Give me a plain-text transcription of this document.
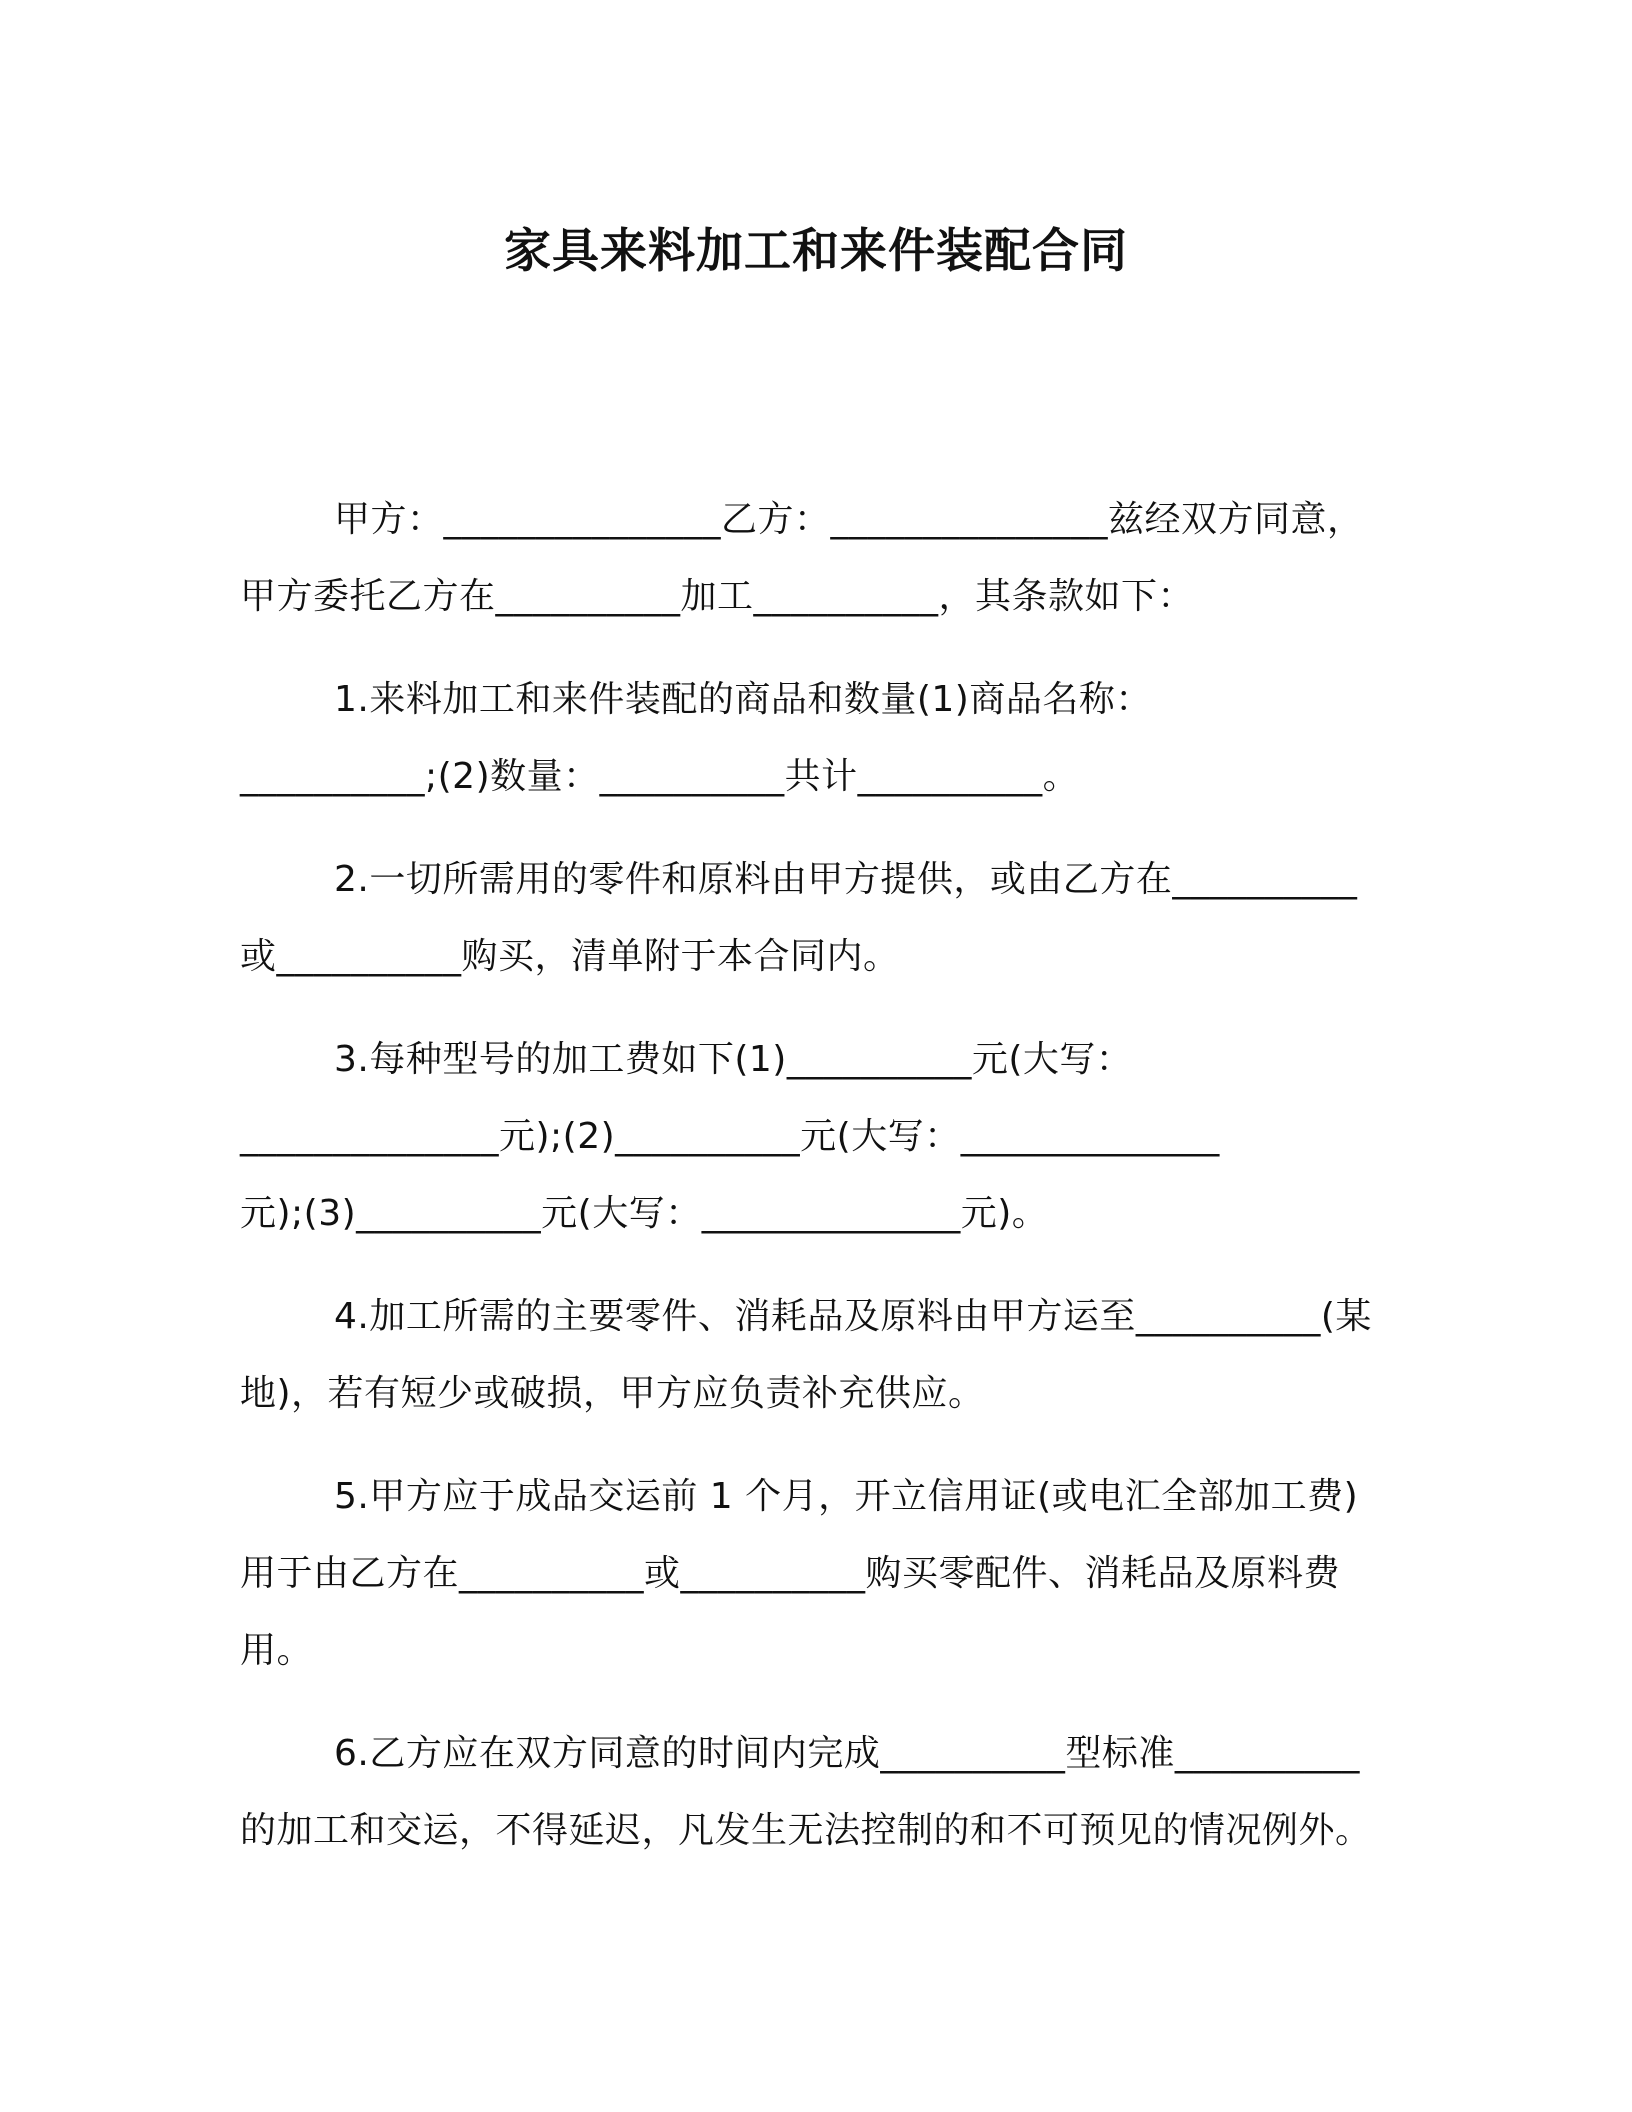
家具来料加工和来件装配合同
甲方：_______________乙方：_______________兹经双方同意，
甲方委托乙方在__________加工__________，其条款如下：
1.来料加工和来件装配的商品和数量(1)商品名称：
__________;(2)数量：__________共计__________。
2.一切所需用的零件和原料由甲方提供，或由乙方在__________
或__________购买，清单附于本合同内。
3.每种型号的加工费如下(1)__________元(大写：
______________元);(2)__________元(大写：______________
元);(3)__________元(大写：______________元)。
4.加工所需的主要零件、消耗品及原料由甲方运至__________(某
地)，若有短少或破损，甲方应负责补充供应。
5.甲方应于成品交运前 1 个月，开立信用证(或电汇全部加工费)
用于由乙方在__________或__________购买零配件、消耗品及原料费
用。
6.乙方应在双方同意的时间内完成__________型标准__________
的加工和交运，不得延迟，凡发生无法控制的和不可预见的情况例外。
